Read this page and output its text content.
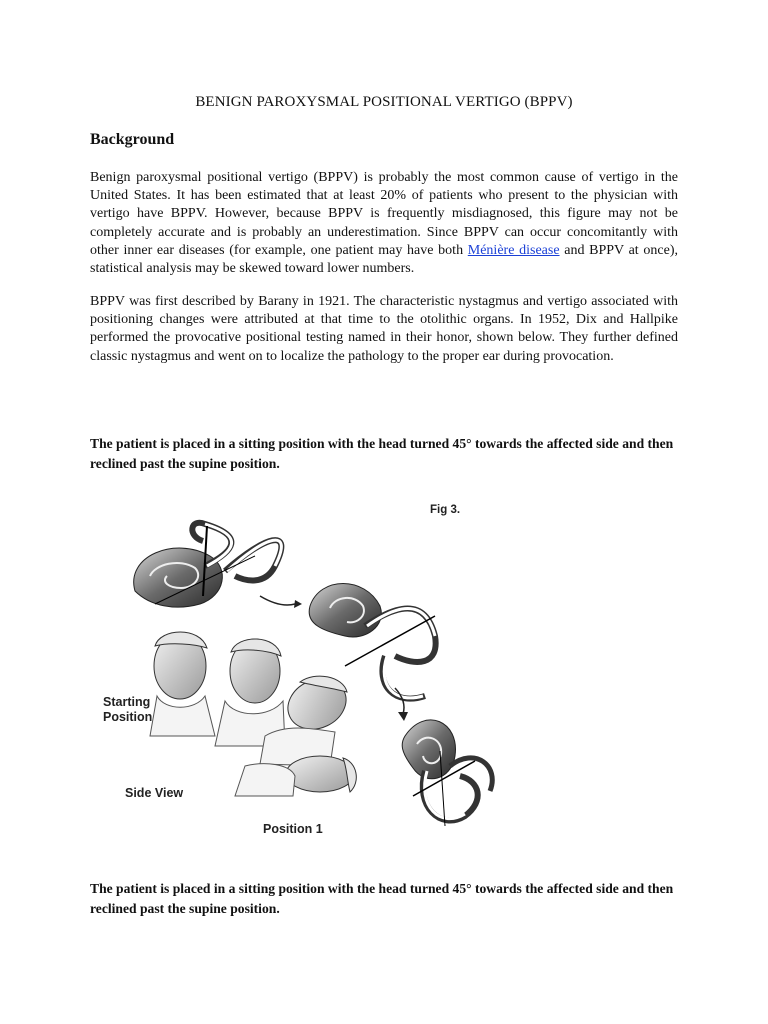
BENIGN PAROXYSMAL POSITIONAL VERTIGO (BPPV)
Background

Benign paroxysmal positional vertigo (BPPV) is probably the most common cause of vertigo in the United States. It has been estimated that at least 20% of patients who present to the physician with vertigo have BPPV. However, because BPPV is frequently misdiagnosed, this figure may not be completely accurate and is probably an underestimation. Since BPPV can occur concomitantly with other inner ear diseases (for example, one patient may have both Ménière disease and BPPV at once), statistical analysis may be skewed toward lower numbers.

BPPV was first described by Barany in 1921. The characteristic nystagmus and vertigo associated with positioning changes were attributed at that time to the otolithic organs. In 1952, Dix and Hallpike performed the provocative positional testing named in their honor, shown below. They further defined classic nystagmus and went on to localize the pathology to the proper ear during provocation.

The patient is placed in a sitting position with the head turned 45° towards the affected side and then reclined past the supine position.

The patient is placed in a sitting position with the head turned 45° towards the affected side and then reclined past the supine position.

Fig 3.
Starting Position
Side View
Position 1
